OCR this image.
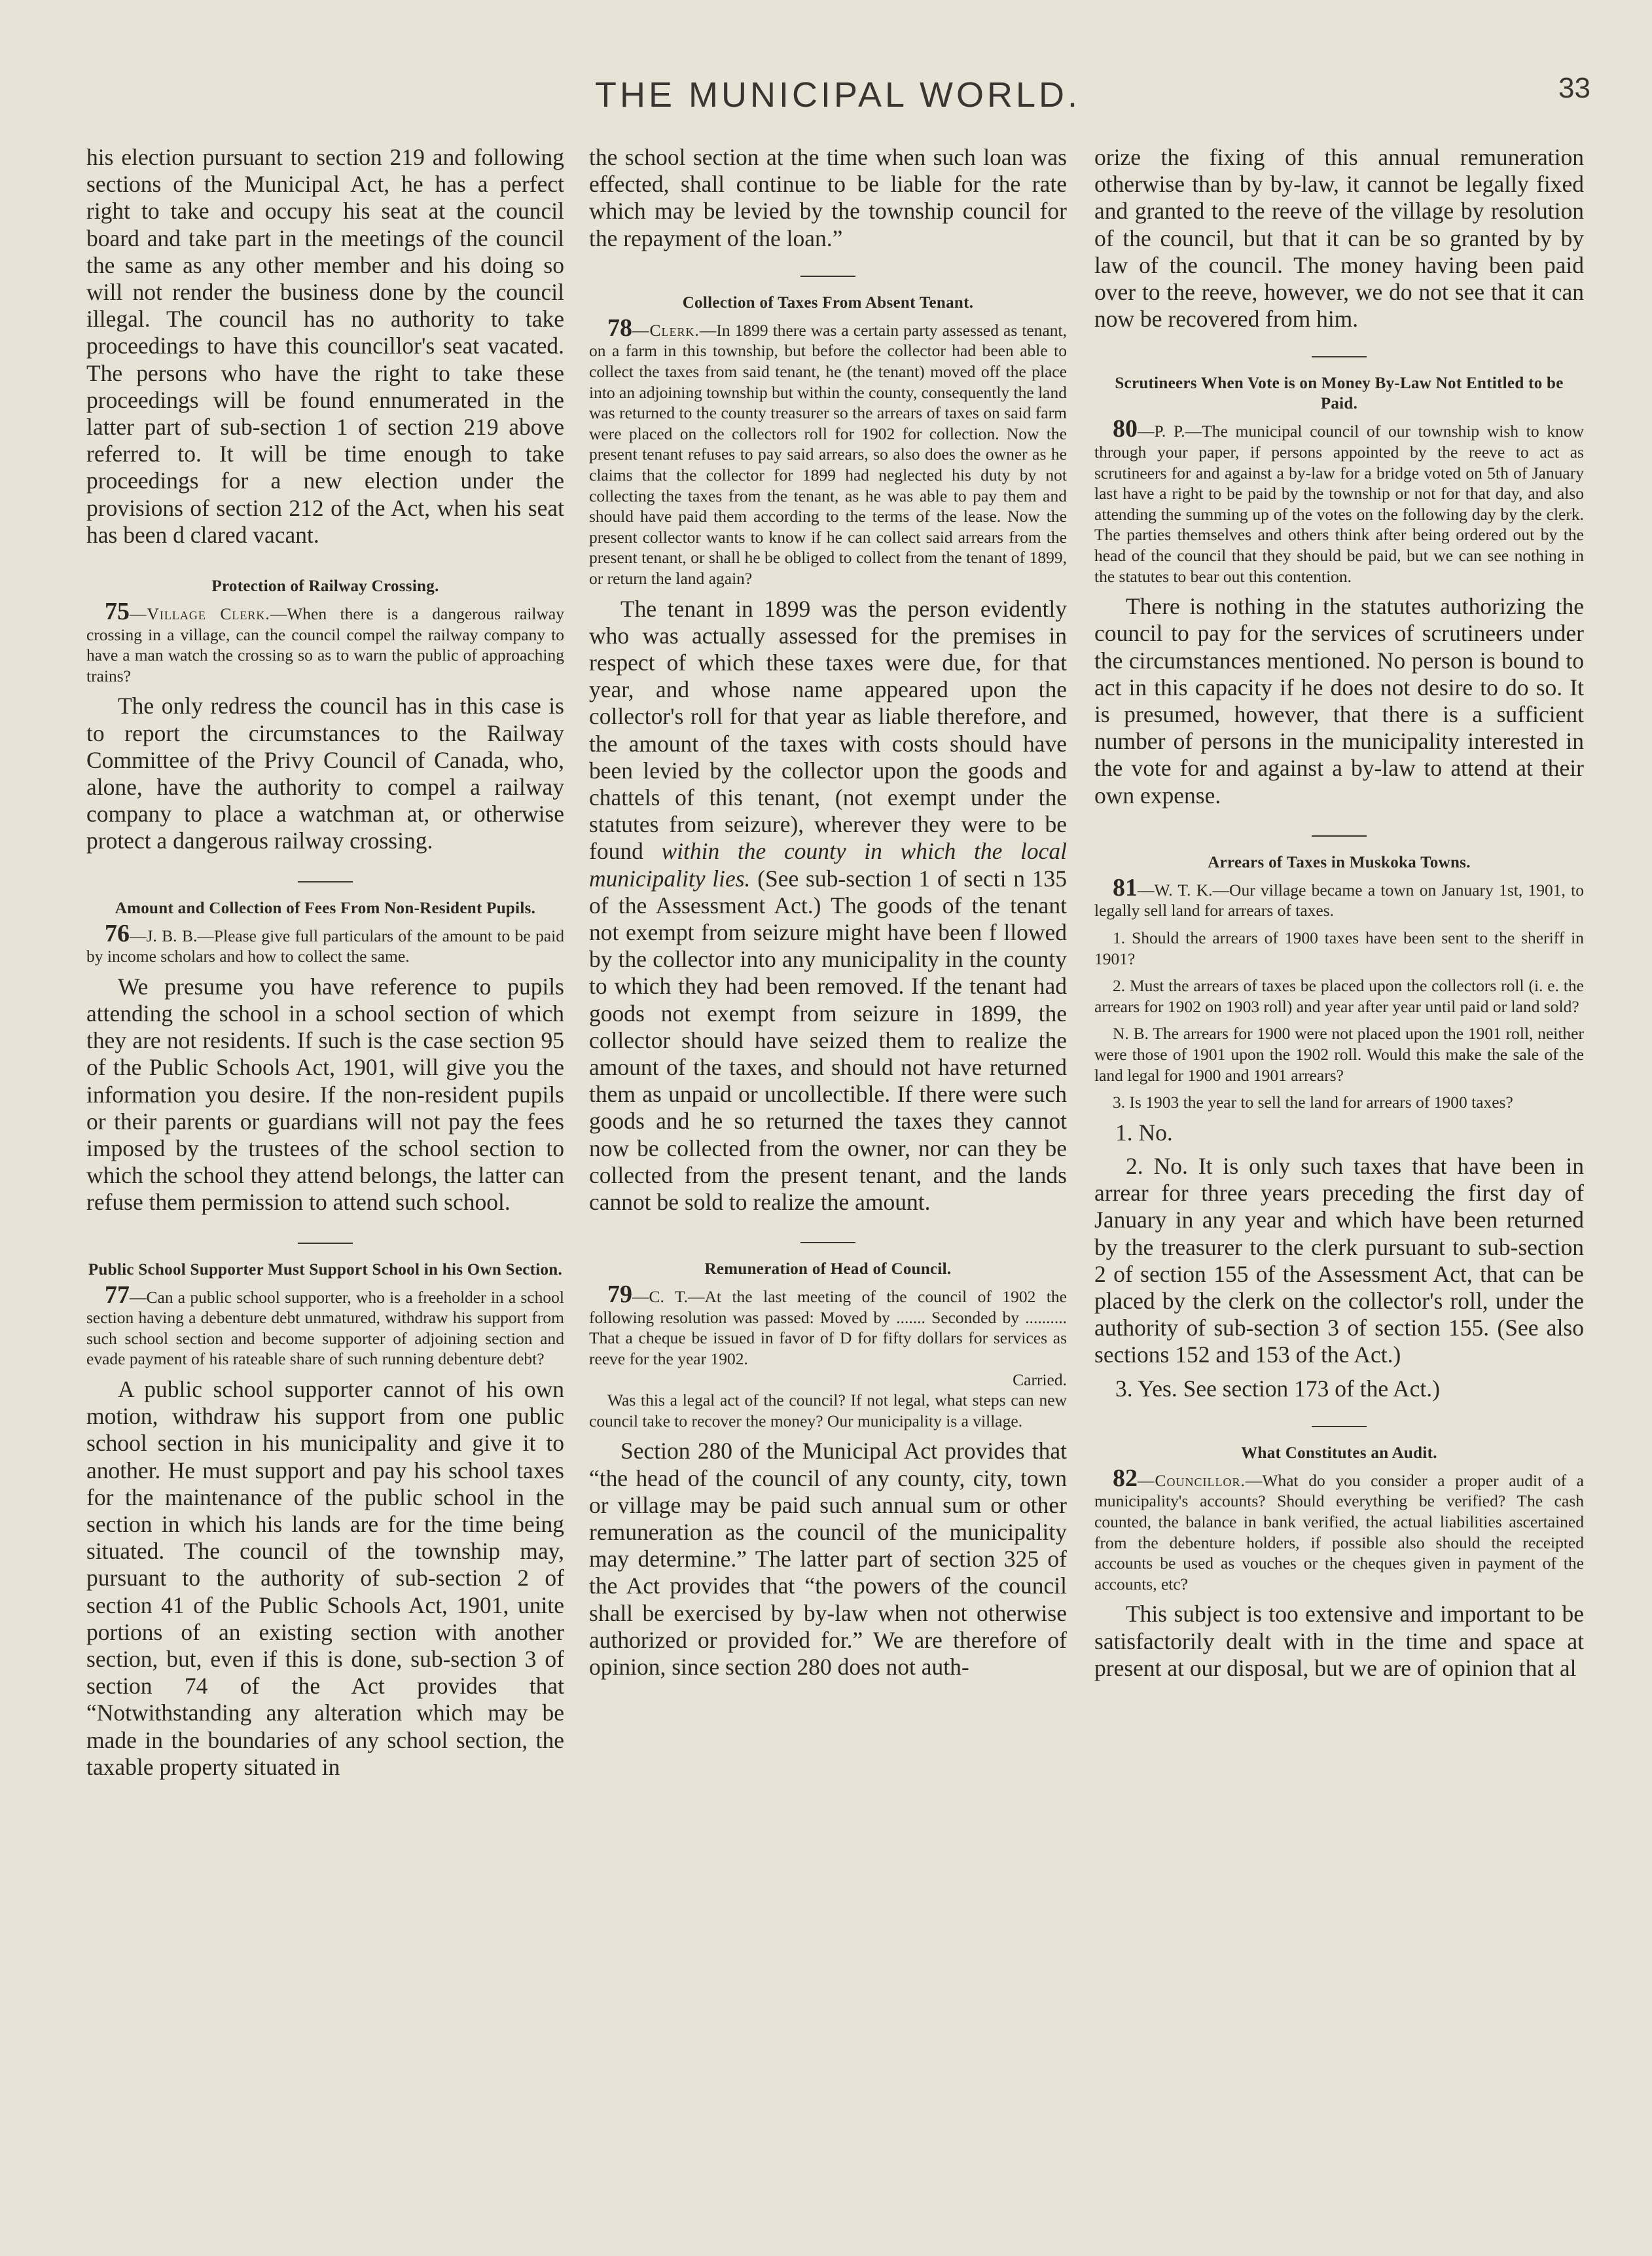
THE MUNICIPAL WORLD.	33

his election pursuant to section 219 and following sections of the Municipal Act, he has a perfect right to take and occupy his seat at the council board and take part in the meetings of the council the same as any other member and his doing so will not render the business done by the council illegal. The council has no authority to take proceedings to have this councillor's seat vacated. The persons who have the right to take these proceedings will be found ennumerated in the latter part of sub-section 1 of section 219 above referred to. It will be time enough to take proceedings for a new election under the provisions of section 212 of the Act, when his seat has been d clared vacant.

Protection of Railway Crossing.

75—Village Clerk.—When there is a dangerous railway crossing in a village, can the council compel the railway company to have a man watch the crossing so as to warn the public of approaching trains?

The only redress the council has in this case is to report the circumstances to the Railway Committee of the Privy Council of Canada, who, alone, have the authority to compel a railway company to place a watchman at, or otherwise protect a dangerous railway crossing.

Amount and Collection of Fees From Non-Resident Pupils.

76—J. B. B.—Please give full particulars of the amount to be paid by income scholars and how to collect the same.

We presume you have reference to pupils attending the school in a school section of which they are not residents. If such is the case section 95 of the Public Schools Act, 1901, will give you the information you desire. If the non-resident pupils or their parents or guardians will not pay the fees imposed by the trustees of the school section to which the school they attend belongs, the latter can refuse them permission to attend such school.

Public School Supporter Must Support School in his Own Section.

77—Can a public school supporter, who is a freeholder in a school section having a debenture debt unmatured, withdraw his support from such school section and become supporter of adjoining section and evade payment of his rateable share of such running debenture debt?

A public school supporter cannot of his own motion, withdraw his support from one public school section in his municipality and give it to another. He must support and pay his school taxes for the maintenance of the public school in the section in which his lands are for the time being situated. The council of the township may, pursuant to the authority of sub-section 2 of section 41 of the Public Schools Act, 1901, unite portions of an existing section with another section, but, even if this is done, sub-section 3 of section 74 of the Act provides that “Notwithstanding any alteration which may be made in the boundaries of any school section, the taxable property situated in

the school section at the time when such loan was effected, shall continue to be liable for the rate which may be levied by the township council for the repayment of the loan.”

Collection of Taxes From Absent Tenant.

78—Clerk.—In 1899 there was a certain party assessed as tenant, on a farm in this township, but before the collector had been able to collect the taxes from said tenant, he (the tenant) moved off the place into an adjoining township but within the county, consequently the land was returned to the county treasurer so the arrears of taxes on said farm were placed on the collectors roll for 1902 for collection. Now the present tenant refuses to pay said arrears, so also does the owner as he claims that the collector for 1899 had neglected his duty by not collecting the taxes from the tenant, as he was able to pay them and should have paid them according to the terms of the lease. Now the present collector wants to know if he can collect said arrears from the present tenant, or shall he be obliged to collect from the tenant of 1899, or return the land again?

The tenant in 1899 was the person evidently who was actually assessed for the premises in respect of which these taxes were due, for that year, and whose name appeared upon the collector's roll for that year as liable therefore, and the amount of the taxes with costs should have been levied by the collector upon the goods and chattels of this tenant, (not exempt under the statutes from seizure), wherever they were to be found within the county in which the local municipality lies. (See sub-section 1 of secti n 135 of the Assessment Act.) The goods of the tenant not exempt from seizure might have been f llowed by the collector into any municipality in the county to which they had been removed. If the tenant had goods not exempt from seizure in 1899, the collector should have seized them to realize the amount of the taxes, and should not have returned them as unpaid or uncollectible. If there were such goods and he so returned the taxes they cannot now be collected from the owner, nor can they be collected from the present tenant, and the lands cannot be sold to realize the amount.

Remuneration of Head of Council.

79—C. T.—At the last meeting of the council of 1902 the following resolution was passed: Moved by ....... Seconded by .......... That a cheque be issued in favor of D for fifty dollars for services as reeve for the year 1902.

Carried.

Was this a legal act of the council? If not legal, what steps can new council take to recover the money? Our municipality is a village.

Section 280 of the Municipal Act provides that “the head of the council of any county, city, town or village may be paid such annual sum or other remuneration as the council of the municipality may determine.” The latter part of section 325 of the Act provides that “the powers of the council shall be exercised by by-law when not otherwise authorized or provided for.” We are therefore of opinion, since section 280 does not auth-

orize the fixing of this annual remuneration otherwise than by by-law, it cannot be legally fixed and granted to the reeve of the village by resolution of the council, but that it can be so granted by by law of the council. The money having been paid over to the reeve, however, we do not see that it can now be recovered from him.

Scrutineers When Vote is on Money By-Law Not Entitled to be Paid.

80—P. P.—The municipal council of our township wish to know through your paper, if persons appointed by the reeve to act as scrutineers for and against a by-law for a bridge voted on 5th of January last have a right to be paid by the township or not for that day, and also attending the summing up of the votes on the following day by the clerk. The parties themselves and others think after being ordered out by the head of the council that they should be paid, but we can see nothing in the statutes to bear out this contention.

There is nothing in the statutes authorizing the council to pay for the services of scrutineers under the circumstances mentioned. No person is bound to act in this capacity if he does not desire to do so. It is presumed, however, that there is a sufficient number of persons in the municipality interested in the vote for and against a by-law to attend at their own expense.

Arrears of Taxes in Muskoka Towns.

81—W. T. K.—Our village became a town on January 1st, 1901, to legally sell land for arrears of taxes.

1. Should the arrears of 1900 taxes have been sent to the sheriff in 1901?

2. Must the arrears of taxes be placed upon the collectors roll (i. e. the arrears for 1902 on 1903 roll) and year after year until paid or land sold?

N. B. The arrears for 1900 were not placed upon the 1901 roll, neither were those of 1901 upon the 1902 roll. Would this make the sale of the land legal for 1900 and 1901 arrears?

3. Is 1903 the year to sell the land for arrears of 1900 taxes?

1. No.

2. No. It is only such taxes that have been in arrear for three years preceding the first day of January in any year and which have been returned by the treasurer to the clerk pursuant to sub-section 2 of section 155 of the Assessment Act, that can be placed by the clerk on the collector's roll, under the authority of sub-section 3 of section 155. (See also sections 152 and 153 of the Act.)

3. Yes. See section 173 of the Act.)

What Constitutes an Audit.

82—Councillor.—What do you consider a proper audit of a municipality's accounts? Should everything be verified? The cash counted, the balance in bank verified, the actual liabilities ascertained from the debenture holders, if possible also should the receipted accounts be used as vouches or the cheques given in payment of the accounts, etc?

This subject is too extensive and important to be satisfactorily dealt with in the time and space at present at our disposal, but we are of opinion that al
